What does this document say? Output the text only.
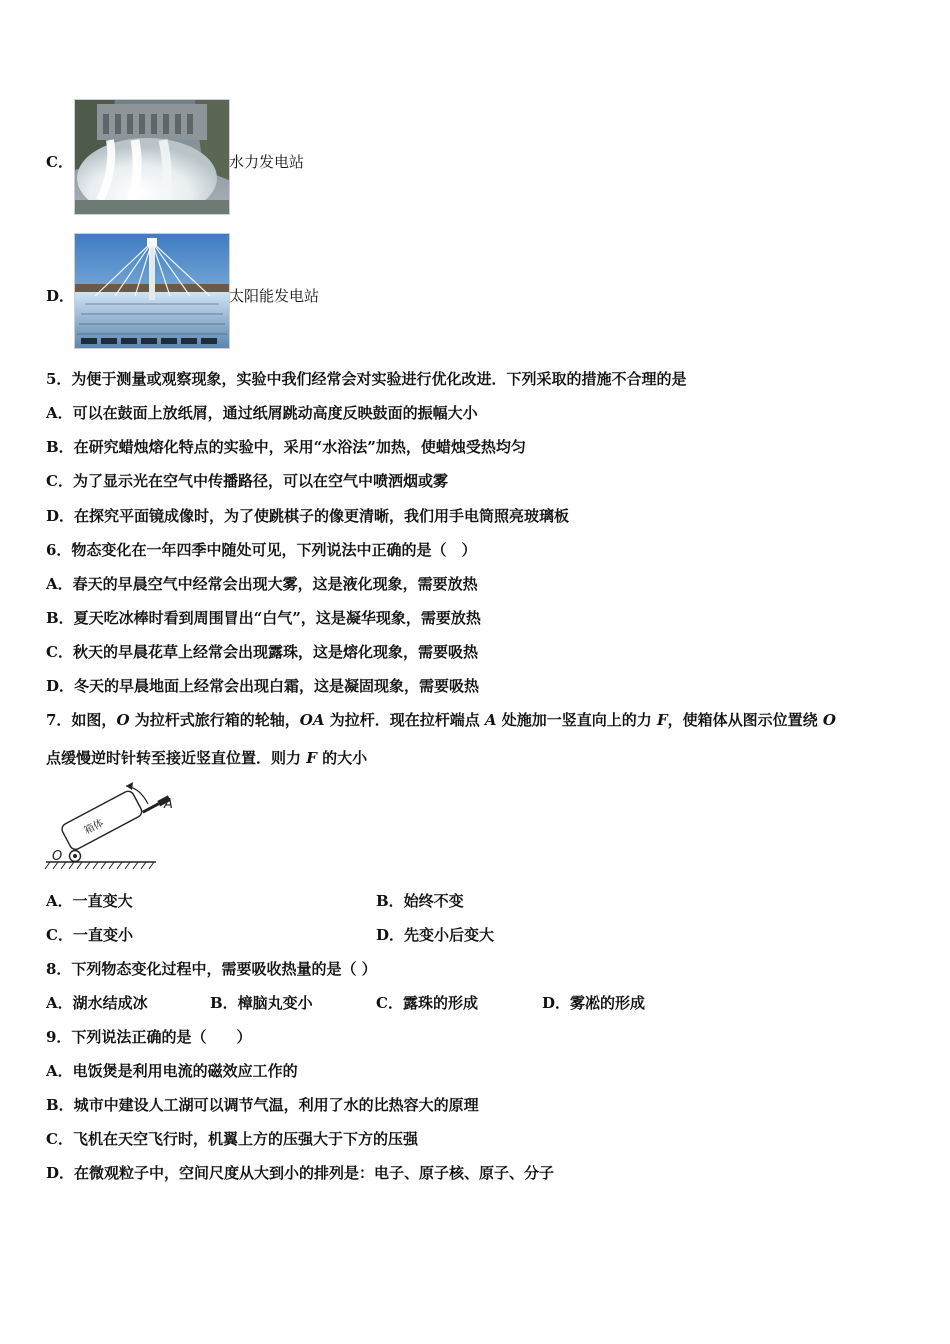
C．	水力发电站
D．	太阳能发电站
5．为便于测量或观察现象，实验中我们经常会对实验进行优化改进．下列采取的措施不合理的是
A．可以在鼓面上放纸屑，通过纸屑跳动高度反映鼓面的振幅大小
B．在研究蜡烛熔化特点的实验中，采用“水浴法”加热，使蜡烛受热均匀
C．为了显示光在空气中传播路径，可以在空气中喷洒烟或雾
D．在探究平面镜成像时，为了使跳棋子的像更清晰，我们用手电筒照亮玻璃板
6．物态变化在一年四季中随处可见，下列说法中正确的是（　）
A．春天的早晨空气中经常会出现大雾，这是液化现象，需要放热
B．夏天吃冰棒时看到周围冒出“白气”，这是凝华现象，需要放热
C．秋天的早晨花草上经常会出现露珠，这是熔化现象，需要吸热
D．冬天的早晨地面上经常会出现白霜，这是凝固现象，需要吸热
7．如图，O 为拉杆式旅行箱的轮轴，OA 为拉杆．现在拉杆端点 A 处施加一竖直向上的力 F，使箱体从图示位置绕 O
点缓慢逆时针转至接近竖直位置．则力 F 的大小
箱体
O
A
A．一直变大	B．始终不变
C．一直变小	D．先变小后变大
8．下列物态变化过程中，需要吸收热量的是（ ）
A．湖水结成冰	B．樟脑丸变小	C．露珠的形成	D．雾凇的形成
9．下列说法正确的是（　　）
A．电饭煲是利用电流的磁效应工作的
B．城市中建设人工湖可以调节气温，利用了水的比热容大的原理
C．飞机在天空飞行时，机翼上方的压强大于下方的压强
D．在微观粒子中，空间尺度从大到小的排列是：电子、原子核、原子、分子
